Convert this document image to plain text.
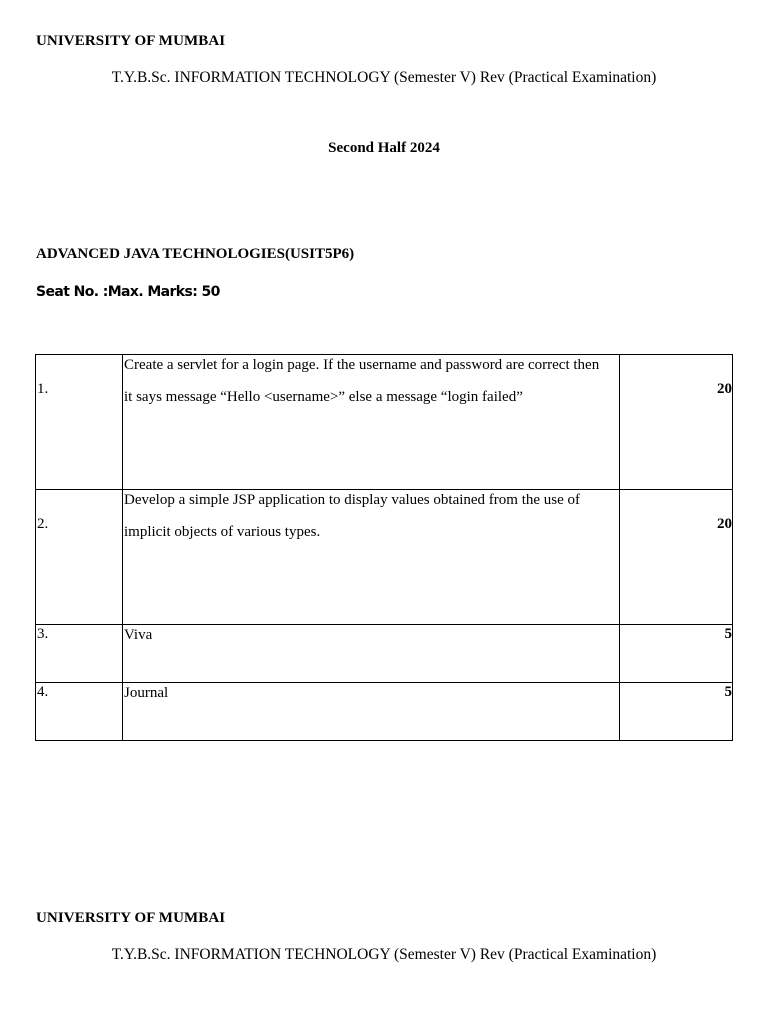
UNIVERSITY OF MUMBAI
T.Y.B.Sc. INFORMATION TECHNOLOGY (Semester V) Rev (Practical Examination)
Second Half 2024
ADVANCED JAVA TECHNOLOGIES(USIT5P6)
Seat No. :Max. Marks: 50
1.	Create a servlet for a login page. If the username and password are correct then

it says message “Hello <username>” else a message “login failed”	20
2.	Develop a simple JSP application to display values obtained from the use of

implicit objects of various types.	20
3.	Viva	5
4.	Journal	5
UNIVERSITY OF MUMBAI
T.Y.B.Sc. INFORMATION TECHNOLOGY (Semester V) Rev (Practical Examination)
